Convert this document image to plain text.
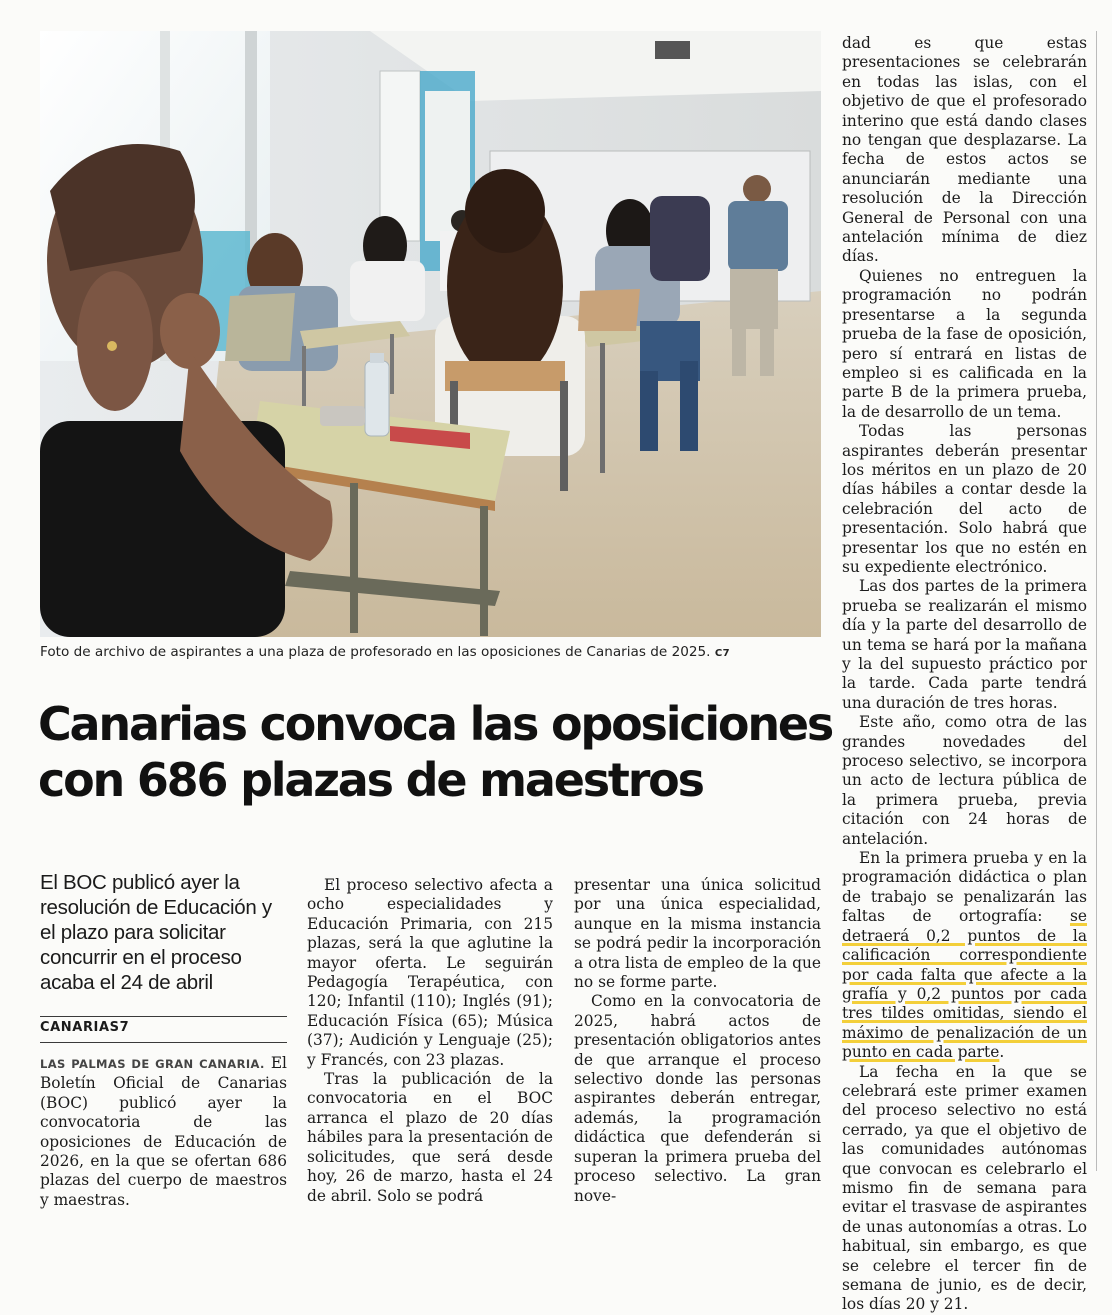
Foto de archivo de aspirantes a una plaza de profesorado en las oposiciones de Canarias de 2025. C7
Canarias convoca las oposiciones con 686 plazas de maestros

El BOC publicó ayer la resolución de Educación y el plazo para solicitar concurrir en el proceso acaba el 24 de abril

CANARIAS7

LAS PALMAS DE GRAN CANARIA. El Boletín Oficial de Canarias (BOC) publicó ayer la convocatoria de las oposiciones de Educación de 2026, en la que se ofertan 686 plazas del cuerpo de maestros y maestras.

El proceso selectivo afecta a ocho especialidades y Educación Primaria, con 215 plazas, será la que aglutine la mayor oferta. Le seguirán Pedagogía Terapéutica, con 120; Infantil (110); Inglés (91); Educación Física (65); Música (37); Audición y Lenguaje (25); y Francés, con 23 plazas.

Tras la publicación de la convocatoria en el BOC arranca el plazo de 20 días hábiles para la presentación de solicitudes, que será desde hoy, 26 de marzo, hasta el 24 de abril. Solo se podrá

presentar una única solicitud por una única especialidad, aunque en la misma instancia se podrá pedir la incorporación a otra lista de empleo de la que no se forme parte.

Como en la convocatoria de 2025, habrá actos de presentación obligatorios antes de que arranque el proceso selectivo donde las personas aspirantes deberán entregar, además, la programación didáctica que defenderán si superan la primera prueba del proceso selectivo. La gran nove-

dad es que estas presentaciones se celebrarán en todas las islas, con el objetivo de que el profesorado interino que está dando clases no tengan que desplazarse. La fecha de estos actos se anunciarán mediante una resolución de la Dirección General de Personal con una antelación mínima de diez días.

Quienes no entreguen la programación no podrán presentarse a la segunda prueba de la fase de oposición, pero sí entrará en listas de empleo si es calificada en la parte B de la primera prueba, la de desarrollo de un tema.

Todas las personas aspirantes deberán presentar los méritos en un plazo de 20 días hábiles a contar desde la celebración del acto de presentación. Solo habrá que presentar los que no estén en su expediente electrónico.

Las dos partes de la primera prueba se realizarán el mismo día y la parte del desarrollo de un tema se hará por la mañana y la del supuesto práctico por la tarde. Cada parte tendrá una duración de tres horas.

Este año, como otra de las grandes novedades del proceso selectivo, se incorpora un acto de lectura pública de la primera prueba, previa citación con 24 horas de antelación.

En la primera prueba y en la programación didáctica o plan de trabajo se penalizarán las faltas de ortografía: se detraerá 0,2 puntos de la calificación correspondiente por cada falta que afecte a la grafía y 0,2 puntos por cada tres tildes omitidas, siendo el máximo de penalización de un punto en cada parte.

La fecha en la que se celebrará este primer examen del proceso selectivo no está cerrado, ya que el objetivo de las comunidades autónomas que convocan es celebrarlo el mismo fin de semana para evitar el trasvase de aspirantes de unas autonomías a otras. Lo habitual, sin embargo, es que se celebre el tercer fin de semana de junio, es de decir, los días 20 y 21.
